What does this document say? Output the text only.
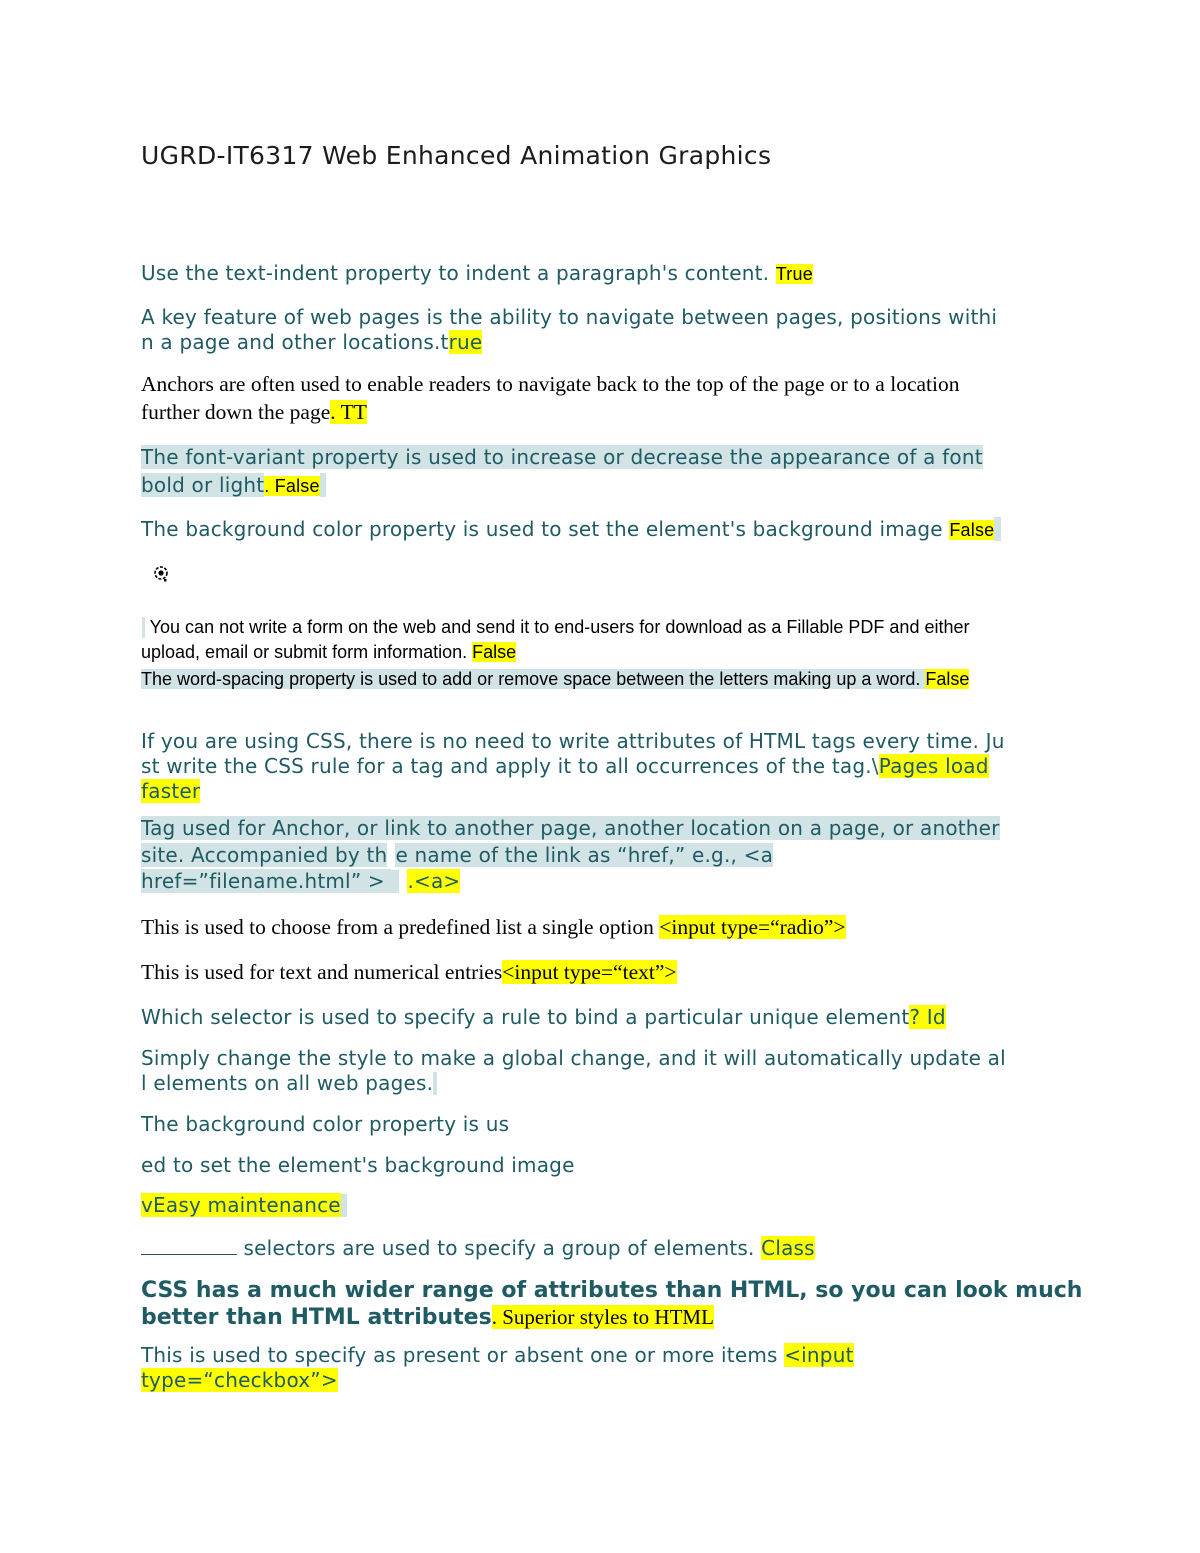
UGRD-IT6317 Web Enhanced Animation Graphics
Use the text-indent property to indent a paragraph's content. True
A key feature of web pages is the ability to navigate between pages, positions withi
n a page and other locations.true
Anchors are often used to enable readers to navigate back to the top of the page or to a location
further down the page. TT
The font-variant property is used to increase or decrease the appearance of a font
bold or light. False
The background color property is used to set the element's background image False
You can not write a form on the web and send it to end-users for download as a Fillable PDF and either
upload, email or submit form information. False
The word-spacing property is used to add or remove space between the letters making up a word. False
If you are using CSS, there is no need to write attributes of HTML tags every time. Ju
st write the CSS rule for a tag and apply it to all occurrences of the tag.\Pages load
faster
Tag used for Anchor, or link to another page, another location on a page, or another
site. Accompanied by th e name of the link as “href,” e.g., <a
href=”filename.html” >   .<a>
This is used to choose from a predefined list a single option <input type=“radio”>
This is used for text and numerical entries<input type=“text”>
Which selector is used to specify a rule to bind a particular unique element? Id
Simply change the style to make a global change, and it will automatically update al
l elements on all web pages.
The background color property is us
ed to set the element's background image
vEasy maintenance
selectors are used to specify a group of elements. Class
CSS has a much wider range of attributes than HTML, so you can look much
better than HTML attributes. Superior styles to HTML
This is used to specify as present or absent one or more items <input
type=“checkbox”>
